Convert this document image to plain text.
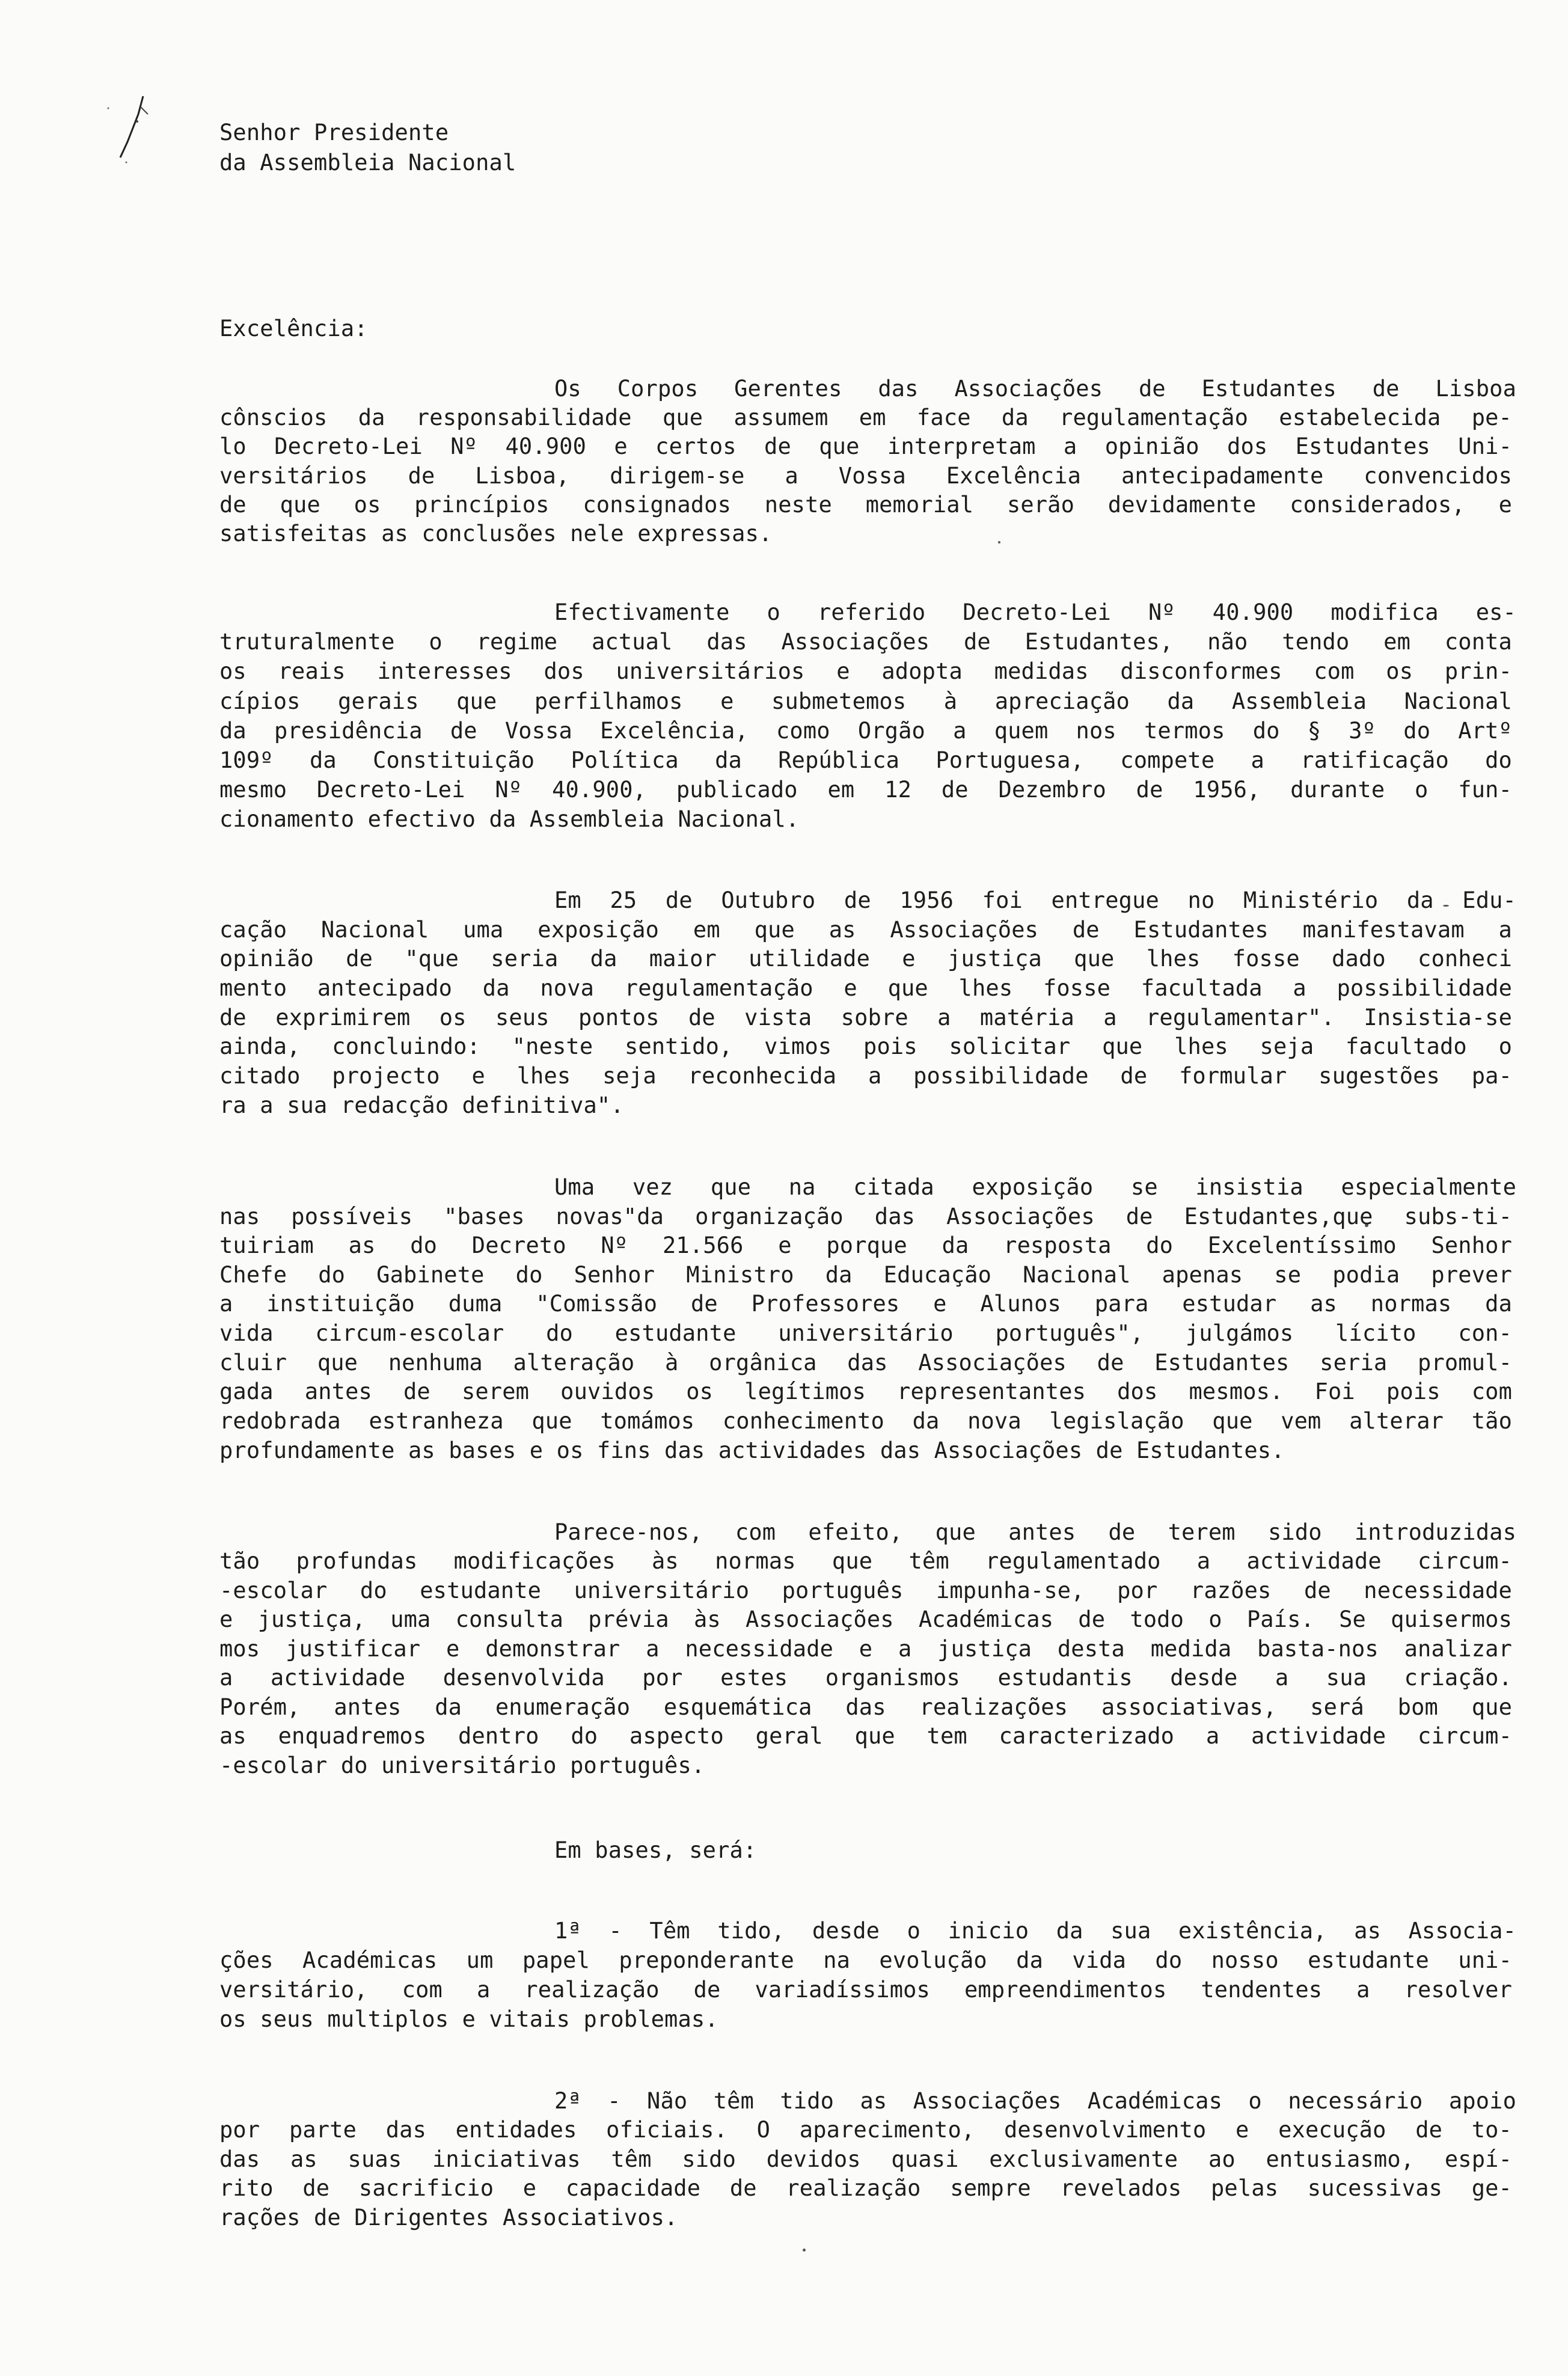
Senhor Presidente
da Assembleia Nacional
Excelência:
Os Corpos Gerentes das Associações de Estudantes de Lisboa
cônscios da responsabilidade que assumem em face da regulamentação estabelecida pe-
lo Decreto-Lei Nº 40.900 e certos de que interpretam a opinião dos Estudantes Uni-
versitários de Lisboa, dirigem-se a Vossa Excelência antecipadamente convencidos
de que os princípios consignados neste memorial serão devidamente considerados, e
satisfeitas as conclusões nele expressas.
Efectivamente o referido Decreto-Lei Nº 40.900 modifica es-
truturalmente o regime actual das Associações de Estudantes, não tendo em conta
os reais interesses dos universitários e adopta medidas disconformes com os prin-
cípios gerais que perfilhamos e submetemos à apreciação da Assembleia Nacional
da presidência de Vossa Excelência, como Orgão a quem nos termos do § 3º do Artº
109º da Constituição Política da República Portuguesa, compete a ratificação do
mesmo Decreto-Lei Nº 40.900, publicado em 12 de Dezembro de 1956, durante o fun-
cionamento efectivo da Assembleia Nacional.
Em 25 de Outubro de 1956 foi entregue no Ministério da Edu-
cação Nacional uma exposição em que as Associações de Estudantes manifestavam a
opinião de "que seria da maior utilidade e justiça que lhes fosse dado conheci
mento antecipado da nova regulamentação e que lhes fosse facultada a possibilidade
de exprimirem os seus pontos de vista sobre a matéria a regulamentar". Insistia-se
ainda, concluindo: "neste sentido, vimos pois solicitar que lhes seja facultado o
citado projecto e lhes seja reconhecida a possibilidade de formular sugestões pa-
ra a sua redacção definitiva".
Uma vez que na citada exposição se insistia especialmente
nas possíveis "bases novas"da organização das Associações de Estudantes,que subs-ti-
tuiriam as do Decreto Nº 21.566 e porque da resposta do Excelentíssimo Senhor
Chefe do Gabinete do Senhor Ministro da Educação Nacional apenas se podia prever
a instituição duma "Comissão de Professores e Alunos para estudar as normas da
vida circum-escolar do estudante universitário português", julgámos lícito con-
cluir que nenhuma alteração à orgânica das Associações de Estudantes seria promul-
gada antes de serem ouvidos os legítimos representantes dos mesmos. Foi pois com
redobrada estranheza que tomámos conhecimento da nova legislação que vem alterar tão
profundamente as bases e os fins das actividades das Associações de Estudantes.
Parece-nos, com efeito, que antes de terem sido introduzidas
tão profundas modificações às normas que têm regulamentado a actividade circum-
-escolar do estudante universitário português impunha-se, por razões de necessidade
e justiça, uma consulta prévia às Associações Académicas de todo o País. Se quisermos
mos justificar e demonstrar a necessidade e a justiça desta medida basta-nos analizar
a actividade desenvolvida por estes organismos estudantis desde a sua criação.
Porém, antes da enumeração esquemática das realizações associativas, será bom que
as enquadremos dentro do aspecto geral que tem caracterizado a actividade circum-
-escolar do universitário português.
Em bases, será:
1ª - Têm tido, desde o inicio da sua existência, as Associa-
ções Académicas um papel preponderante na evolução da vida do nosso estudante uni-
versitário, com a realização de variadíssimos empreendimentos tendentes a resolver
os seus multiplos e vitais problemas.
2ª - Não têm tido as Associações Académicas o necessário apoio
por parte das entidades oficiais. O aparecimento, desenvolvimento e execução de to-
das as suas iniciativas têm sido devidos quasi exclusivamente ao entusiasmo, espí-
rito de sacrificio e capacidade de realização sempre revelados pelas sucessivas ge-
rações de Dirigentes Associativos.
